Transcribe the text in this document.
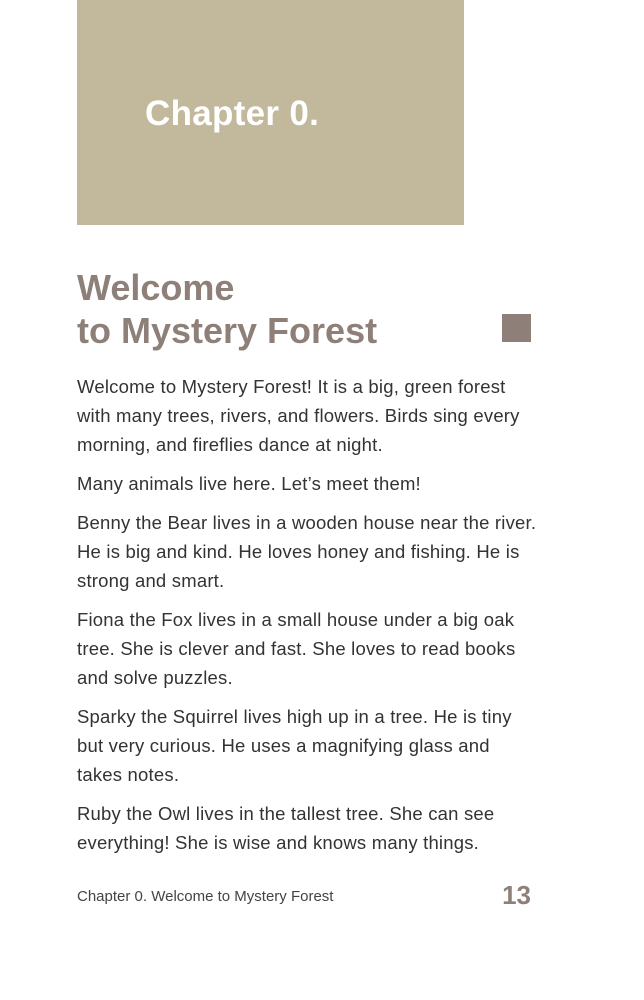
Chapter 0.
Welcome
to Mystery Forest

Welcome to Mystery Forest! It is a big, green forest with many trees, rivers, and flowers. Birds sing every morning, and fireflies dance at night.

Many animals live here. Let’s meet them!

Benny the Bear lives in a wooden house near the river. He is big and kind. He loves honey and fishing. He is strong and smart.

Fiona the Fox lives in a small house under a big oak tree. She is clever and fast. She loves to read books and solve puzzles.

Sparky the Squirrel lives high up in a tree. He is tiny but very curious. He uses a magnifying glass and takes notes.

Ruby the Owl lives in the tallest tree. She can see everything! She is wise and knows many things.

Chapter 0. Welcome to Mystery Forest	13
